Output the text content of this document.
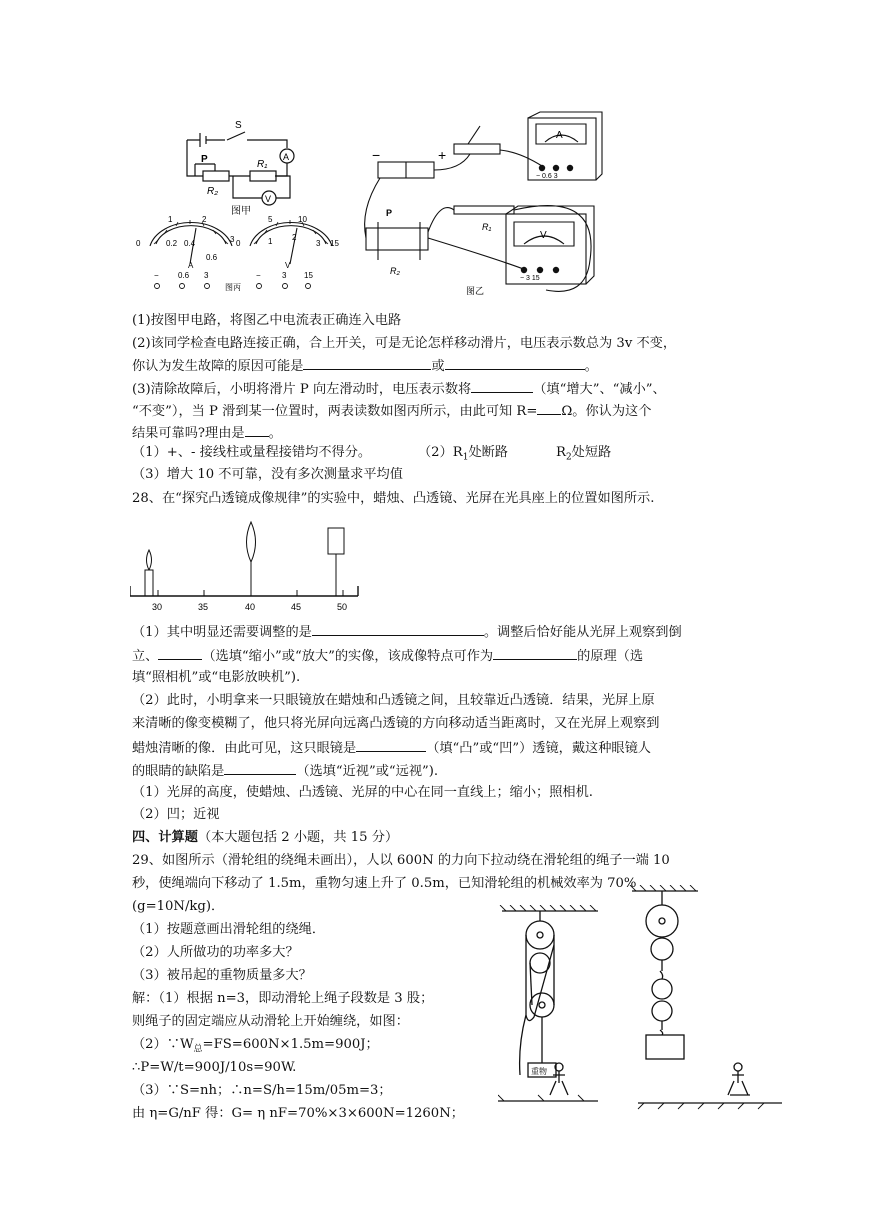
S
P	R₁
R₂
A
V
图甲
0
1	2
3
0.2 0.4
0.6
A
− 0.6 3
0
5	10
15
1 2
3
V
−	3 15
图丙
−	+
P
R₁
R₂
A
V
− 0.6 3
− 3 15
图乙
(1)按图甲电路，将图乙中电流表正确连入电路
(2)该同学检查电路连接正确，合上开关，可是无论怎样移动滑片，电压表示数总为 3v 不变，
你认为发生故障的原因可能是	或	。
(3)清除故障后，小明将滑片 P 向左滑动时，电压表示数将	（填“增大”、“减小”、
“不变”），当 P 滑到某一位置时，两表读数如图丙所示，由此可知 R= Ω。你认为这个
结果可靠吗?理由是 。
（1）+、- 接线柱或量程接错均不得分。	$(2)R_1$处断路	$R_2$处短路
（3）增大 10 不可靠，没有多次测量求平均值
28、在“探究凸透镜成像规律”的实验中，蜡烛、凸透镜、光屏在光具座上的位置如图所示.
30	35	40	45	50
（1）其中明显还需要调整的是	。调整后恰好能从光屏上观察到倒
立、	（选填“缩小”或“放大”的实像，该成像特点可作为	的原理（选
填“照相机”或“电影放映机”).
（2）此时，小明拿来一只眼镜放在蜡烛和凸透镜之间，且较靠近凸透镜．结果，光屏上原
来清晰的像变模糊了，他只将光屏向远离凸透镜的方向移动适当距离时，又在光屏上观察到
蜡烛清晰的像．由此可见，这只眼镜是	（填“凸”或“凹”）透镜，戴这种眼镜人
的眼睛的缺陷是	（选填“近视”或“远视”).
（1）光屏的高度，使蜡烛、凸透镜、光屏的中心在同一直线上；缩小；照相机.
（2）凹；近视
四、计算题（本大题包括 2 小题，共 15 分）
29、如图所示（滑轮组的绕绳未画出），人以 600N 的力向下拉动绕在滑轮组的绳子一端 10
秒，使绳端向下移动了 1.5m，重物匀速上升了 0.5m，已知滑轮组的机械效率为 70%
(g=10N/kg)．
（1）按题意画出滑轮组的绕绳．
（2）人所做功的功率多大？
（3）被吊起的重物质量多大？
解：（1）根据 n=3，即动滑轮上绳子段数是 3 股；
则绳子的固定端应从动滑轮上开始缠绕，如图：
$(2)\because W_总=FS=600N\times 1.5m=900J$；
∴P=W/t=900J/10s=90W.
（3）∵S=nh；∴n=S/h=15m/05m=3；
由 η=G/nF 得：G= η nF=70%×3×600N=1260N；
重物
